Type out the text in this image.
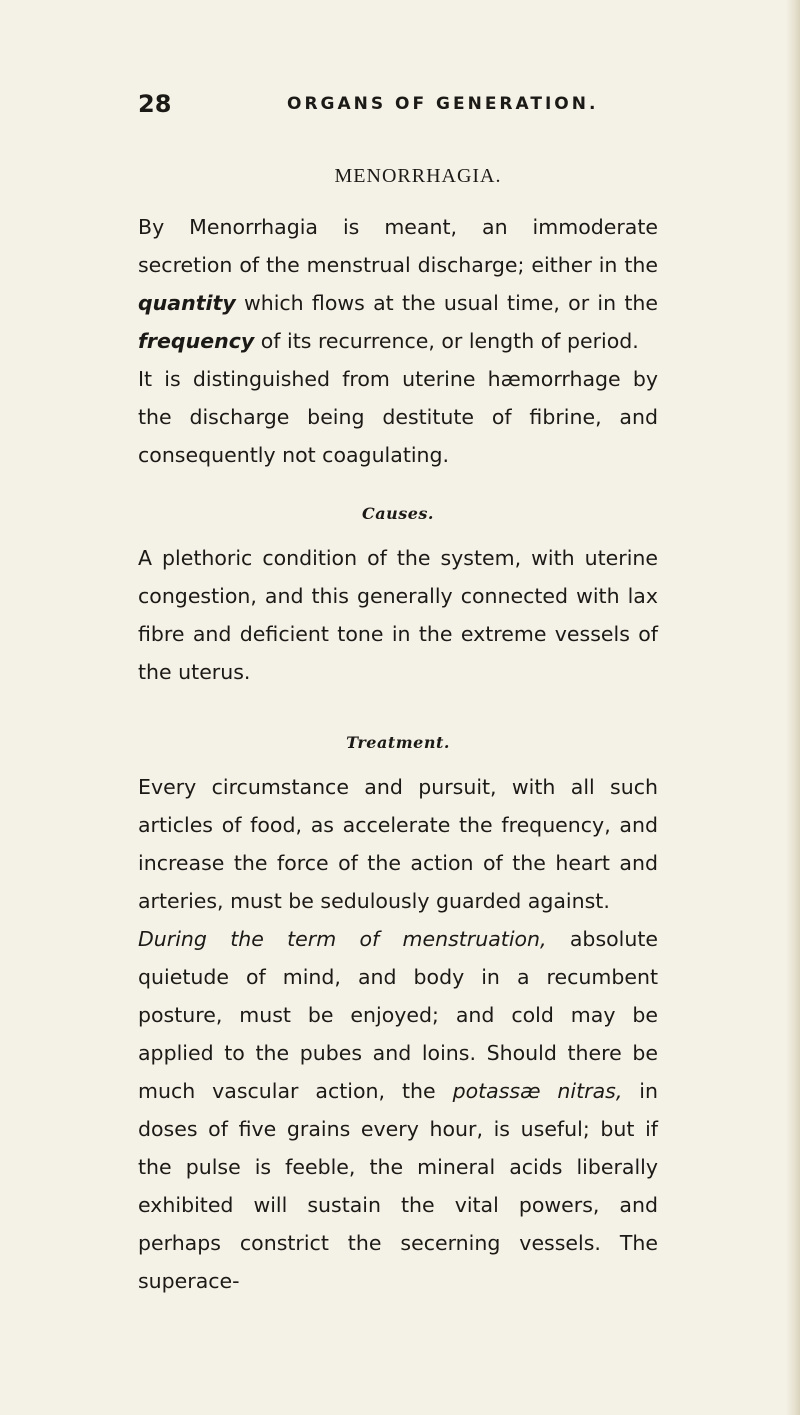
28	ORGANS OF GENERATION.
MENORRHAGIA.

By Menorrhagia is meant, an immoderate secretion of the menstrual discharge; either in the quantity which flows at the usual time, or in the frequency of its recurrence, or length of period.

It is distinguished from uterine hæmorrhage by the discharge being destitute of fibrine, and consequently not coagulating.

Causes.

A plethoric condition of the system, with uterine congestion, and this generally connected with lax fibre and deficient tone in the extreme vessels of the uterus.

Treatment.

Every circumstance and pursuit, with all such articles of food, as accelerate the frequency, and increase the force of the action of the heart and arteries, must be sedulously guarded against.

During the term of menstruation, absolute quietude of mind, and body in a recumbent posture, must be enjoyed; and cold may be applied to the pubes and loins. Should there be much vascular action, the potassæ nitras, in doses of five grains every hour, is useful; but if the pulse is feeble, the mineral acids liberally exhibited will sustain the vital powers, and perhaps constrict the secerning vessels. The superace-
